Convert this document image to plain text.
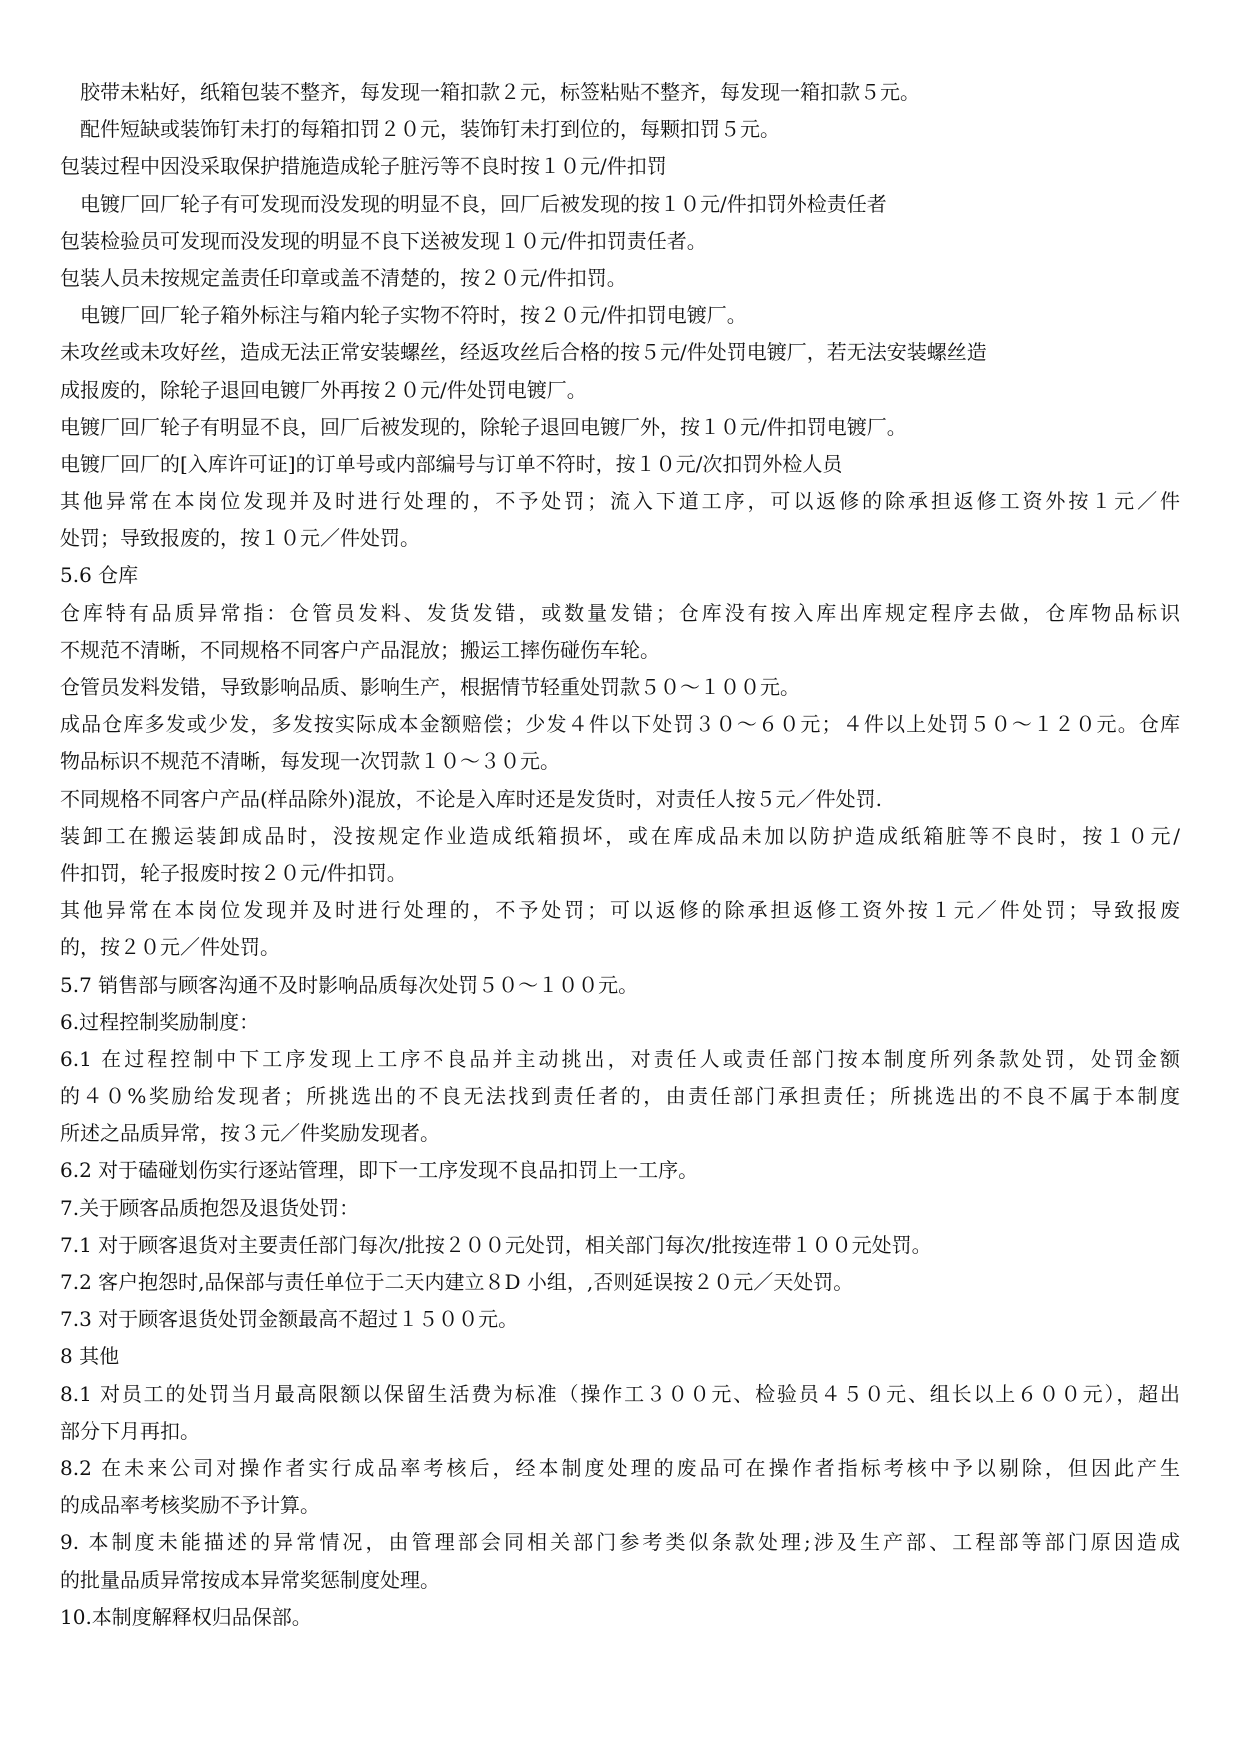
　胶带未粘好，纸箱包装不整齐，每发现一箱扣款２元，标签粘贴不整齐，每发现一箱扣款５元。

　配件短缺或装饰钉未打的每箱扣罚２０元，装饰钉未打到位的，每颗扣罚５元。

包装过程中因没采取保护措施造成轮子脏污等不良时按１０元/件扣罚

　电镀厂回厂轮子有可发现而没发现的明显不良，回厂后被发现的按１０元/件扣罚外检责任者

包装检验员可发现而没发现的明显不良下送被发现１０元/件扣罚责任者。

包装人员未按规定盖责任印章或盖不清楚的，按２０元/件扣罚。

　电镀厂回厂轮子箱外标注与箱内轮子实物不符时，按２０元/件扣罚电镀厂。

未攻丝或未攻好丝，造成无法正常安装螺丝，经返攻丝后合格的按５元/件处罚电镀厂，若无法安装螺丝造

成报废的，除轮子退回电镀厂外再按２０元/件处罚电镀厂。

电镀厂回厂轮子有明显不良，回厂后被发现的，除轮子退回电镀厂外，按１０元/件扣罚电镀厂。

电镀厂回厂的[入库许可证]的订单号或内部编号与订单不符时，按１０元/次扣罚外检人员

其他异常在本岗位发现并及时进行处理的，不予处罚；流入下道工序，可以返修的除承担返修工资外按１元／件

处罚；导致报废的，按１０元／件处罚。

5.6 仓库

仓库特有品质异常指：仓管员发料、发货发错，或数量发错；仓库没有按入库出库规定程序去做，仓库物品标识

不规范不清晰，不同规格不同客户产品混放；搬运工摔伤碰伤车轮。

仓管员发料发错，导致影响品质、影响生产，根据情节轻重处罚款５０～１００元。

成品仓库多发或少发，多发按实际成本金额赔偿；少发４件以下处罚３０～６０元；４件以上处罚５０～１２０元。仓库

物品标识不规范不清晰，每发现一次罚款１０～３０元。

不同规格不同客户产品(样品除外)混放，不论是入库时还是发货时，对责任人按５元／件处罚.

装卸工在搬运装卸成品时，没按规定作业造成纸箱损坏，或在库成品未加以防护造成纸箱脏等不良时，按１０元/

件扣罚，轮子报废时按２０元/件扣罚。

其他异常在本岗位发现并及时进行处理的，不予处罚；可以返修的除承担返修工资外按１元／件处罚；导致报废

的，按２０元／件处罚。

5.7 销售部与顾客沟通不及时影响品质每次处罚５０～１００元。

6.过程控制奖励制度：

6.1 在过程控制中下工序发现上工序不良品并主动挑出，对责任人或责任部门按本制度所列条款处罚，处罚金额

的４０%奖励给发现者；所挑选出的不良无法找到责任者的，由责任部门承担责任；所挑选出的不良不属于本制度

所述之品质异常，按３元／件奖励发现者。

6.2 对于磕碰划伤实行逐站管理，即下一工序发现不良品扣罚上一工序。

7.关于顾客品质抱怨及退货处罚：

7.1 对于顾客退货对主要责任部门每次/批按２００元处罚，相关部门每次/批按连带１００元处罚。

7.2 客户抱怨时,品保部与责任单位于二天内建立８D 小组，,否则延误按２０元／天处罚。

7.3 对于顾客退货处罚金额最高不超过１５００元。

8 其他

8.1 对员工的处罚当月最高限额以保留生活费为标准（操作工３００元、检验员４５０元、组长以上６００元），超出

部分下月再扣。

8.2 在未来公司对操作者实行成品率考核后，经本制度处理的废品可在操作者指标考核中予以剔除，但因此产生

的成品率考核奖励不予计算。

9. 本制度未能描述的异常情况，由管理部会同相关部门参考类似条款处理;涉及生产部、工程部等部门原因造成

的批量品质异常按成本异常奖惩制度处理。

10.本制度解释权归品保部。
